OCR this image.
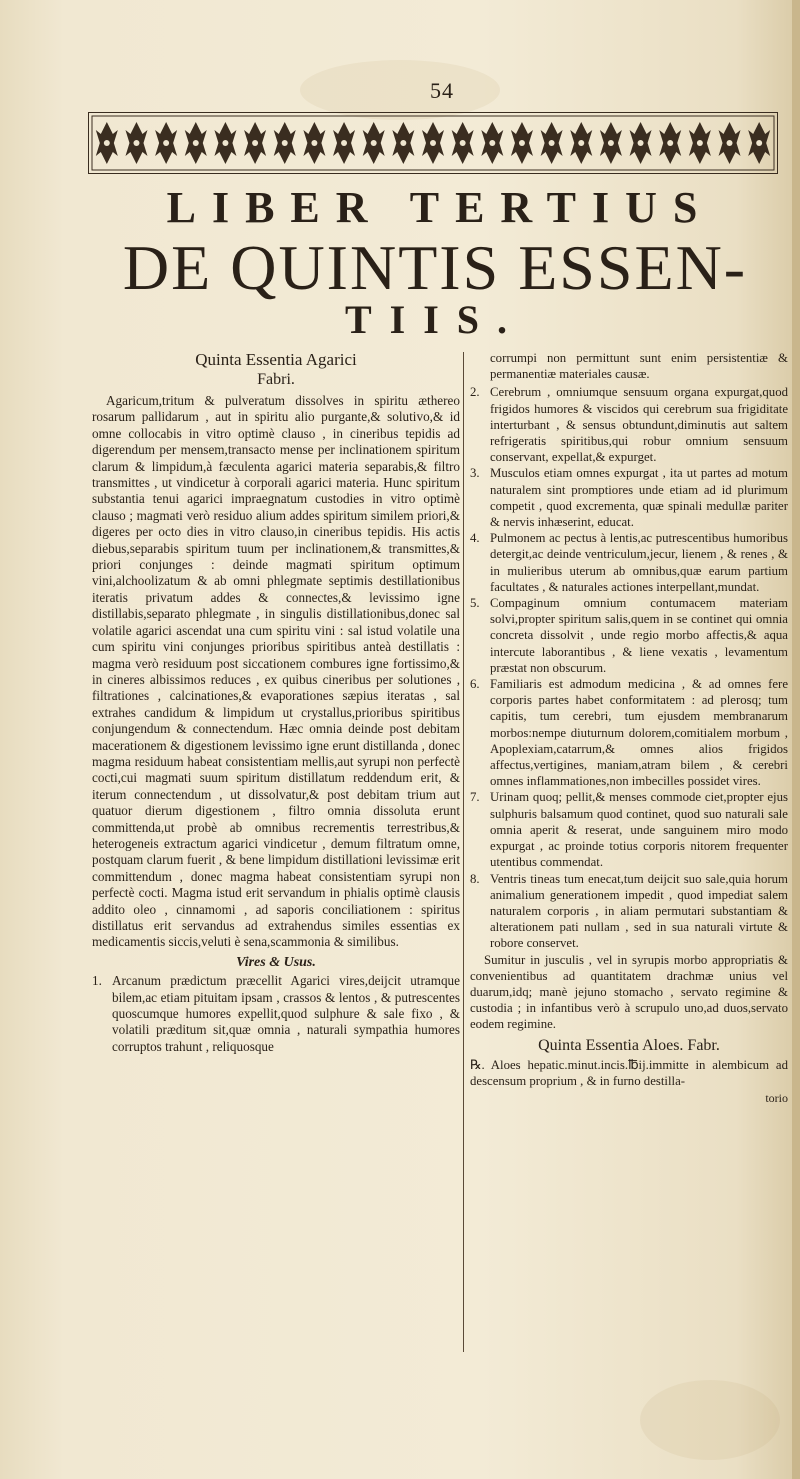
54
LIBER TERTIUS
DE QUINTIS ESSEN-
TIIS.
Quinta Essentia Agarici
Fabri.

Agaricum,tritum & pulveratum dissolves in spiritu æthereo rosarum pallidarum , aut in spiritu alio purgante,& solutivo,& id omne collocabis in vitro optimè clauso , in cineribus tepidis ad digerendum per mensem,transacto mense per inclinationem spiritum clarum & limpidum,à fæculenta agarici materia separabis,& filtro transmittes , ut vindicetur à corporali agarici materia. Hunc spiritum substantia tenui agarici impraegnatum custodies in vitro optimè clauso ; magmati verò residuo alium addes spiritum similem priori,& digeres per octo dies in vitro clauso,in cineribus tepidis. His actis diebus,separabis spiritum tuum per inclinationem,& transmittes,& priori conjunges : deinde magmati spiritum optimum vini,alchoolizatum & ab omni phlegmate septimis destillationibus iteratis privatum addes & connectes,& levissimo igne distillabis,separato phlegmate , in singulis distillationibus,donec sal volatile agarici ascendat una cum spiritu vini : sal istud volatile una cum spiritu vini conjunges prioribus spiritibus anteà destillatis : magma verò residuum post siccationem combures igne fortissimo,& in cineres albissimos reduces , ex quibus cineribus per solutiones , filtrationes , calcinationes,& evaporationes sæpius iteratas , sal extrahes candidum & limpidum ut crystallus,prioribus spiritibus conjungendum & connectendum. Hæc omnia deinde post debitam macerationem & digestionem levissimo igne erunt distillanda , donec magma residuum habeat consistentiam mellis,aut syrupi non perfectè cocti,cui magmati suum spiritum distillatum reddendum erit, & iterum connectendum , ut dissolvatur,& post debitam trium aut quatuor dierum digestionem , filtro omnia dissoluta erunt committenda,ut probè ab omnibus recrementis terrestribus,& heterogeneis extractum agarici vindicetur , demum filtratum omne, postquam clarum fuerit , & bene limpidum distillationi levissimæ erit committendum , donec magma habeat consistentiam syrupi non perfectè cocti. Magma istud erit servandum in phialis optimè clausis addito oleo , cinnamomi , ad saporis conciliationem : spiritus distillatus erit servandus ad extrahendus similes essentias ex medicamentis siccis,veluti è sena,scammonia & similibus.

Vires & Usus.
1. Arcanum prædictum præcellit Agarici vires,deijcit utramque bilem,ac etiam pituitam ipsam , crassos & lentos , & putrescentes quoscumque humores expellit,quod sulphure & sale fixo , & volatili præditum sit,quæ omnia , naturali sympathia humores corruptos trahunt , reliquosque
corrumpi non permittunt sunt enim persistentiæ & permanentiæ materiales causæ.
2. Cerebrum , omniumque sensuum organa expurgat,quod frigidos humores & viscidos qui cerebrum sua frigiditate interturbant , & sensus obtundunt,diminutis aut saltem refrigeratis spiritibus,qui robur omnium sensuum conservant, expellat,& expurget.
3. Musculos etiam omnes expurgat , ita ut partes ad motum naturalem sint promptiores unde etiam ad id plurimum competit , quod excrementa, quæ spinali medullæ pariter & nervis inhæserint, educat.
4. Pulmonem ac pectus à lentis,ac putrescentibus humoribus detergit,ac deinde ventriculum,jecur, lienem , & renes , & in mulieribus uterum ab omnibus,quæ earum partium facultates , & naturales actiones interpellant,mundat.
5. Compaginum omnium contumacem materiam solvi,propter spiritum salis,quem in se continet qui omnia concreta dissolvit , unde regio morbo affectis,& aqua intercute laborantibus , & liene vexatis , levamentum præstat non obscurum.
6. Familiaris est admodum medicina , & ad omnes fere corporis partes habet conformitatem : ad plerosq; tum capitis, tum cerebri, tum ejusdem membranarum morbos:nempe diuturnum dolorem,comitialem morbum , Apoplexiam,catarrum,& omnes alios frigidos affectus,vertigines, maniam,atram bilem , & cerebri omnes inflammationes,non imbecilles possidet vires.
7. Urinam quoq; pellit,& menses commode ciet,propter ejus sulphuris balsamum quod continet, quod suo naturali sale omnia aperit & reserat, unde sanguinem miro modo expurgat , ac proinde totius corporis nitorem frequenter utentibus commendat.
8. Ventris tineas tum enecat,tum deijcit suo sale,quia horum animalium generationem impedit , quod impediat salem naturalem corporis , in aliam permutari substantiam & alterationem pati nullam , sed in sua naturali virtute & robore conservet.

Sumitur in jusculis , vel in syrupis morbo appropriatis & convenientibus ad quantitatem drachmæ unius vel duarum,idq; manè jejuno stomacho , servato regimine & custodia ; in infantibus verò à scrupulo uno,ad duos,servato eodem regimine.

Quinta Essentia Aloes. Fabr.

℞. Aloes hepatic.minut.incis.℔ij.immitte in alembicum ad descensum proprium , & in furno destilla-

torio
